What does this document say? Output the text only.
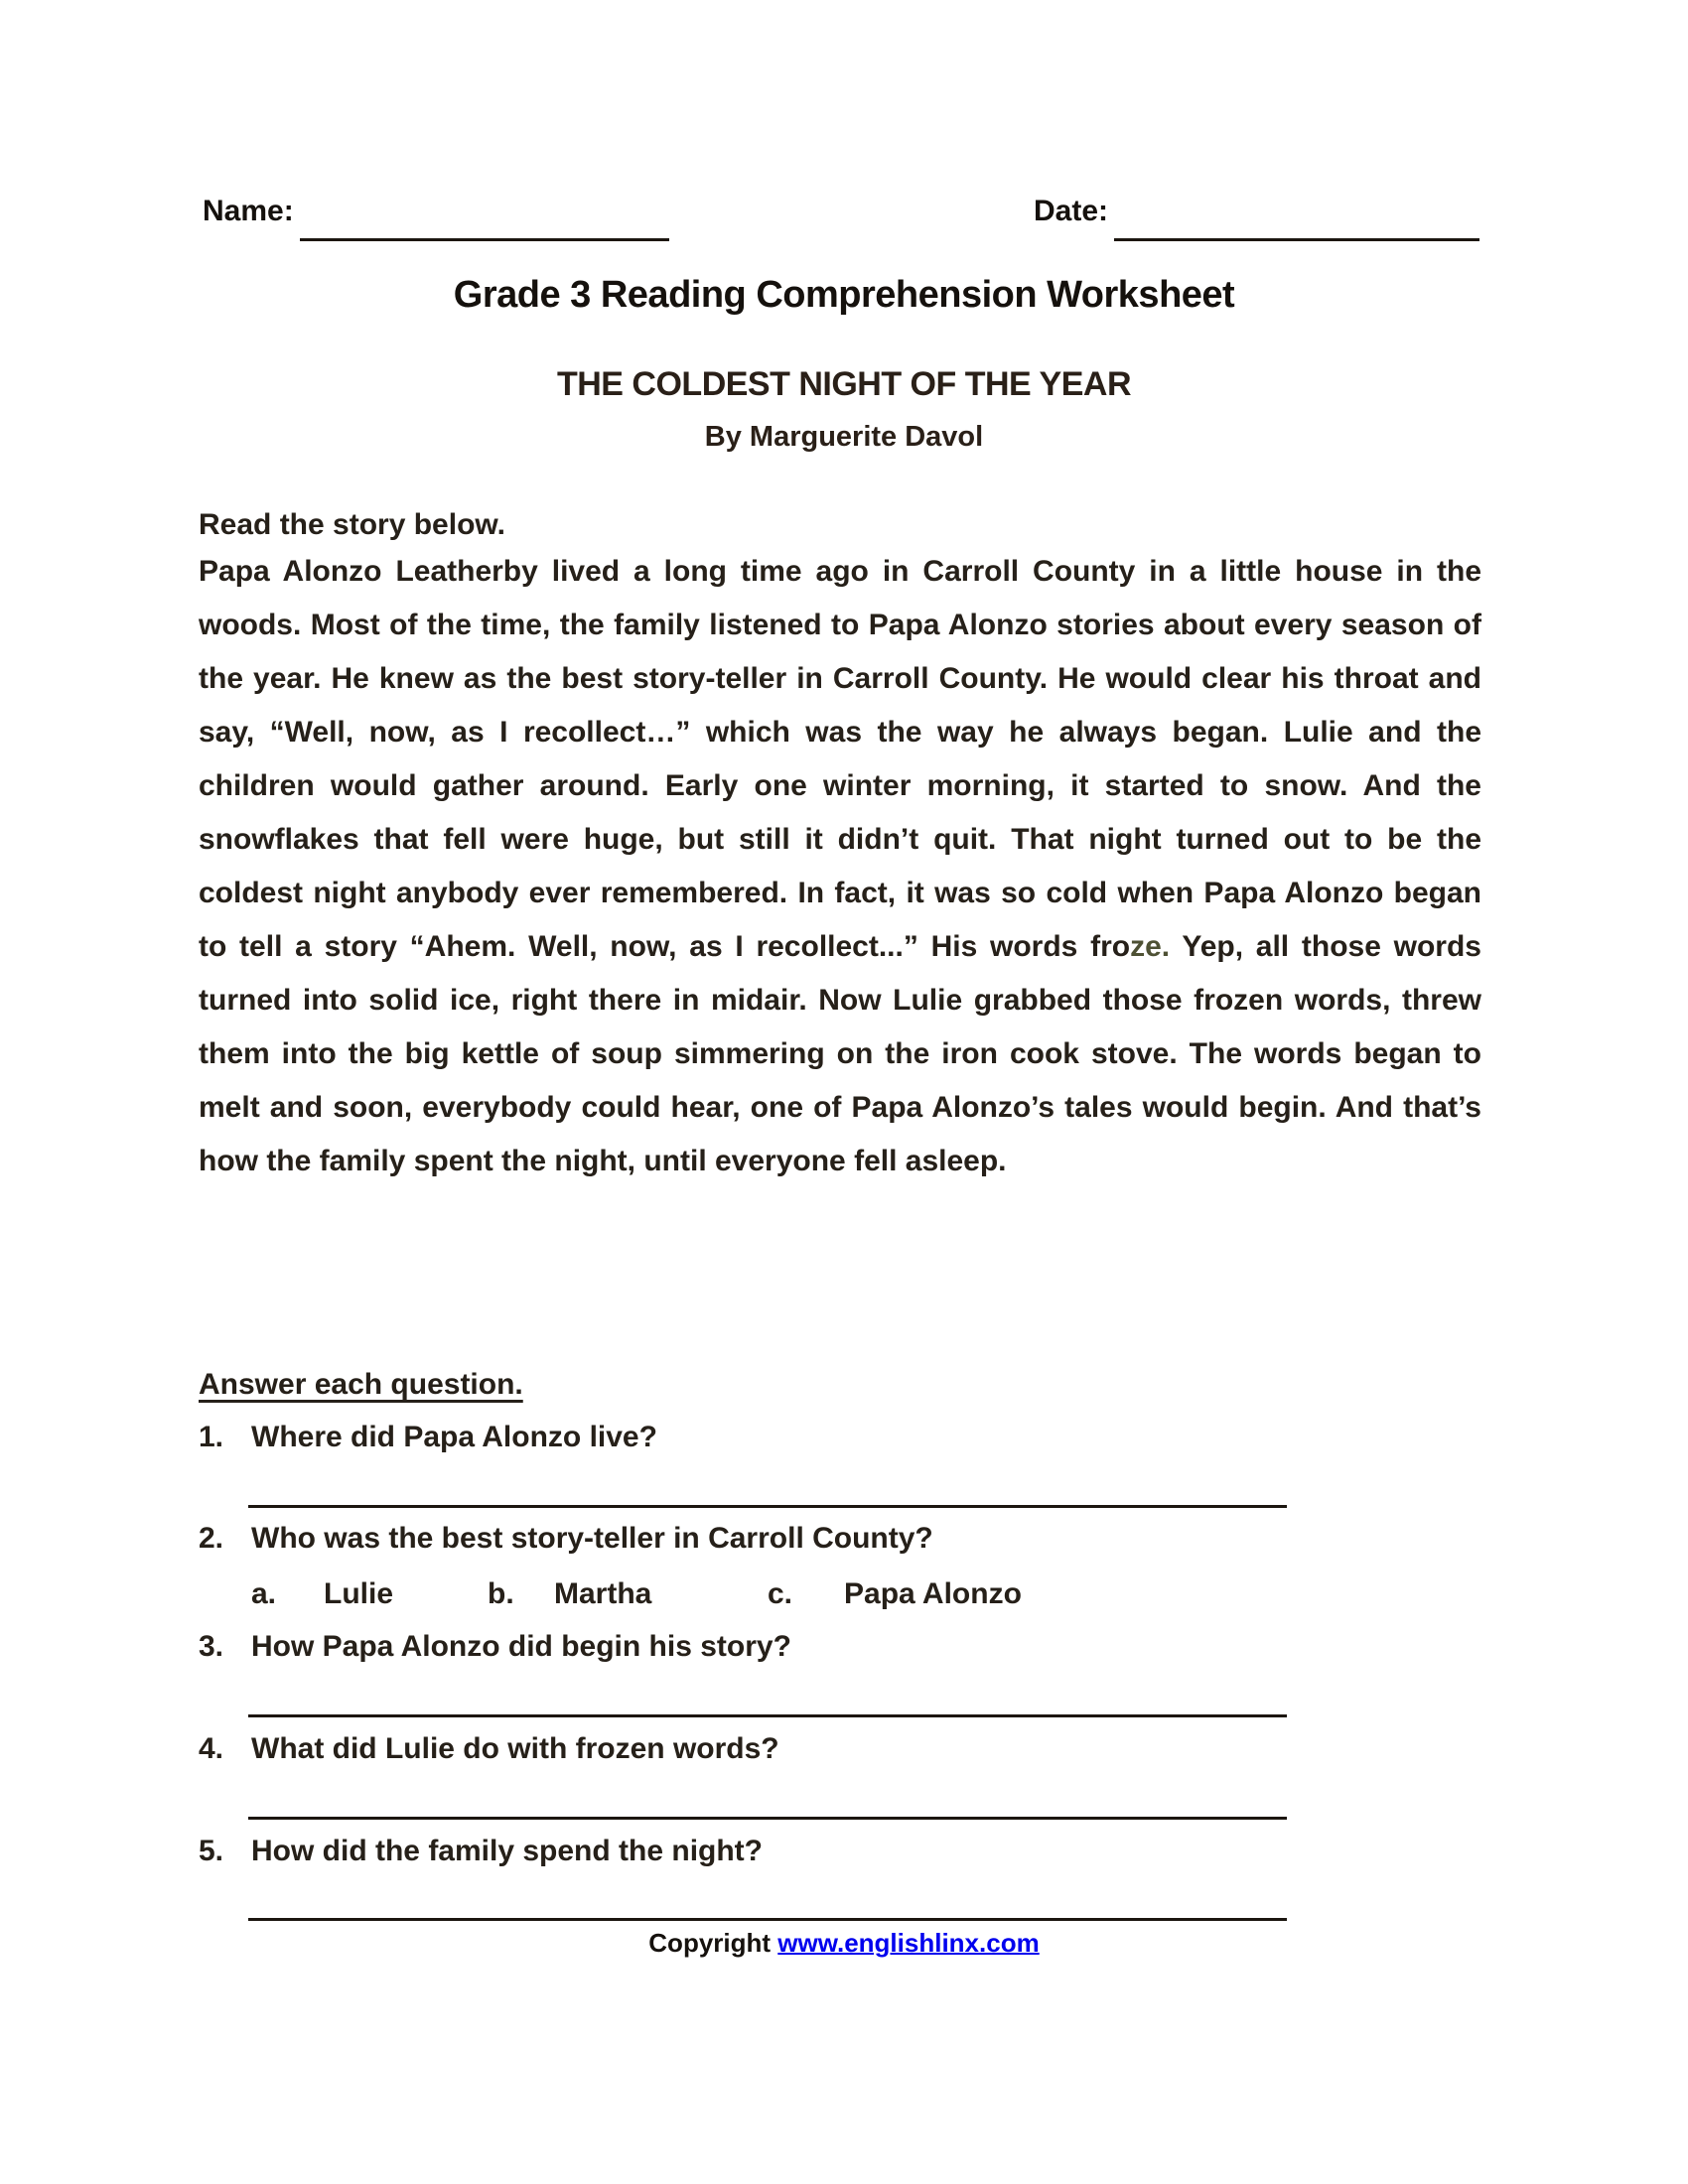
Name:	Date:
Grade 3 Reading Comprehension Worksheet
THE COLDEST NIGHT OF THE YEAR
By Marguerite Davol
Read the story below.
Papa Alonzo Leatherby lived a long time ago in Carroll County in a little house in the woods. Most of the time, the family listened to Papa Alonzo stories about every season of the year. He knew as the best story-teller in Carroll County. He would clear his throat and say, “Well, now, as I recollect…” which was the way he always began. Lulie and the children would gather around. Early one winter morning, it started to snow. And the snowflakes that fell were huge, but still it didn’t quit. That night turned out to be the coldest night anybody ever remembered. In fact, it was so cold when Papa Alonzo began to tell a story “Ahem. Well, now, as I recollect...” His words froze. Yep, all those words turned into solid ice, right there in midair. Now Lulie grabbed those frozen words, threw them into the big kettle of soup simmering on the iron cook stove. The words began to melt and soon, everybody could hear, one of Papa Alonzo’s tales would begin. And that’s how the family spent the night, until everyone fell asleep.
Answer each question.
1. Where did Papa Alonzo live?
2. Who was the best story-teller in Carroll County?
a. Lulie	b. Martha	c. Papa Alonzo
3. How Papa Alonzo did begin his story?
4. What did Lulie do with frozen words?
5. How did the family spend the night?
Copyright www.englishlinx.com
